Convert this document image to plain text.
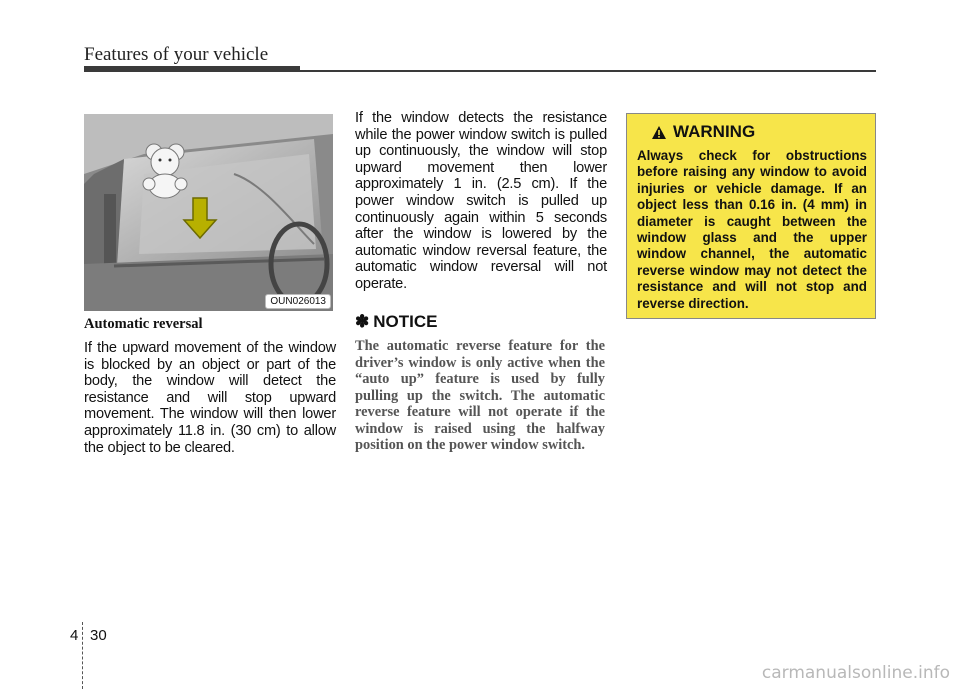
Features of your vehicle
OUN026013
Automatic reversal
If the upward movement of the window is blocked by an object or part of the body, the window will detect the resistance and will stop upward movement. The window will then lower approximately 11.8 in. (30 cm) to allow the object to be cleared.
If the window detects the resistance while the power window switch is pulled up continuously, the window will stop upward movement then lower approximately 1 in. (2.5 cm). If the power window switch is pulled up continuously again within 5 seconds after the window is lowered by the automatic window reversal feature, the automatic window reversal will not operate.
✽ NOTICE
The automatic reverse feature for the driver’s window is only active when the “auto up” feature is used by fully pulling up the switch. The automatic reverse feature will not operate if the window is raised using the halfway position on the power window switch.
WARNING
Always check for obstructions before raising any window to avoid injuries or vehicle damage. If an object less than 0.16 in. (4 mm) in diameter is caught between the window glass and the upper window channel, the automatic reverse window may not detect the resistance and will not stop and reverse direction.
4 30
carmanualsonline.info
